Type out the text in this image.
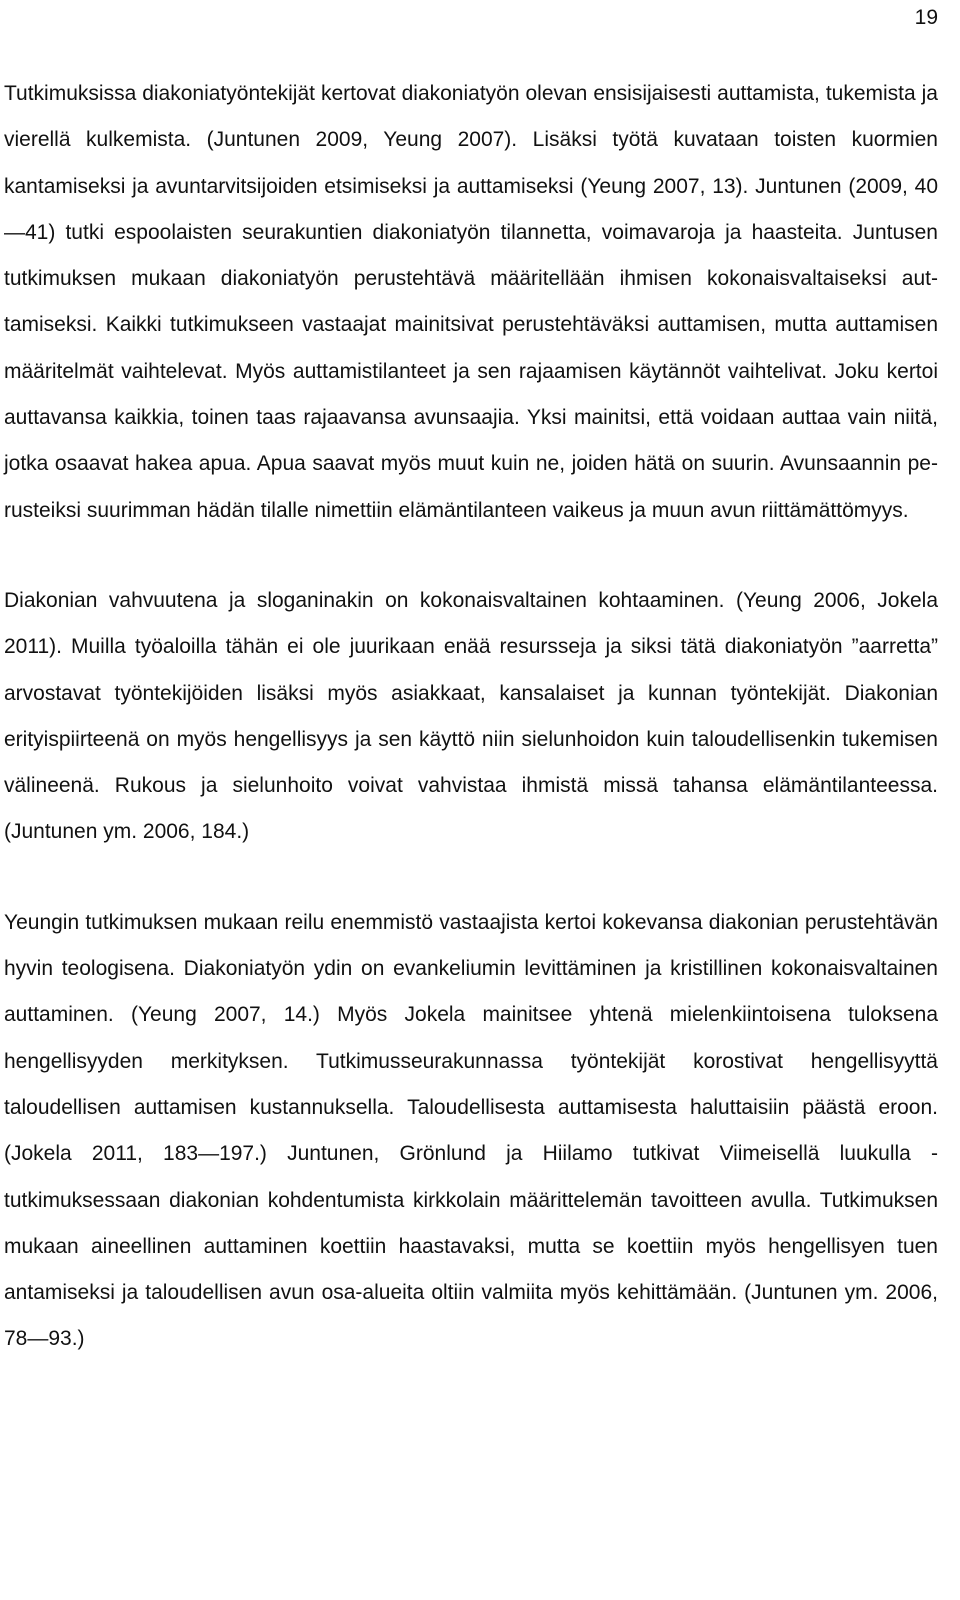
19

Tutkimuksissa diakoniatyöntekijät kertovat diakoniatyön olevan ensisijaisesti auttamista, tukemista ja vierellä kulkemista. (Juntunen 2009, Yeung 2007). Lisäksi työtä kuvataan toisten kuormien kantamiseksi ja avuntarvitsijoiden etsimiseksi ja auttamiseksi (Yeung 2007, 13). Juntunen (2009, 40—41) tutki espoolaisten seurakuntien diakoniatyön tilannetta, voimavaroja ja haasteita. Juntusen tutkimuksen mukaan diakoniatyön perustehtävä määritellään ihmisen kokonaisvaltaiseksi auttamiseksi. Kaikki tutkimukseen vastaajat mainitsivat perustehtäväksi auttamisen, mutta auttamisen määritelmät vaihtelevat. Myös auttamistilanteet ja sen rajaamisen käytännöt vaihtelivat. Joku kertoi auttavansa kaikkia, toinen taas rajaavansa avunsaajia. Yksi mainitsi, että voidaan auttaa vain niitä, jotka osaavat hakea apua. Apua saavat myös muut kuin ne, joiden hätä on suurin. Avunsaannin perusteiksi suurimman hädän tilalle nimettiin elämäntilanteen vaikeus ja muun avun riittämättömyys.

Diakonian vahvuutena ja sloganinakin on kokonaisvaltainen kohtaaminen. (Yeung 2006, Jokela 2011). Muilla työaloilla tähän ei ole juurikaan enää resursseja ja siksi tätä diakoniatyön ”aarretta” arvostavat työntekijöiden lisäksi myös asiakkaat, kansalaiset ja kunnan työntekijät. Diakonian erityispiirteenä on myös hengellisyys ja sen käyttö niin sielunhoidon kuin taloudellisenkin tukemisen välineenä. Rukous ja sielunhoito voivat vahvistaa ihmistä missä tahansa elämäntilanteessa. (Juntunen ym. 2006, 184.)

Yeungin tutkimuksen mukaan reilu enemmistö vastaajista kertoi kokevansa diakonian perustehtävän hyvin teologisena. Diakoniatyön ydin on evankeliumin levittäminen ja kristillinen kokonaisvaltainen auttaminen. (Yeung 2007, 14.) Myös Jokela mainitsee yhtenä mielenkiintoisena tuloksena hengellisyyden merkityksen. Tutkimusseurakunnassa työntekijät korostivat hengellisyyttä taloudellisen auttamisen kustannuksella. Taloudellisesta auttamisesta haluttaisiin päästä eroon. (Jokela 2011, 183—197.) Juntunen, Grönlund ja Hiilamo tutkivat Viimeisellä luukulla -tutkimuksessaan diakonian kohdentumista kirkkolain määrittelemän tavoitteen avulla. Tutkimuksen mukaan aineellinen auttaminen koettiin haastavaksi, mutta se koettiin myös hengellisyen tuen antamiseksi ja taloudellisen avun osa-alueita oltiin valmiita myös kehittämään. (Juntunen ym. 2006, 78—93.)
